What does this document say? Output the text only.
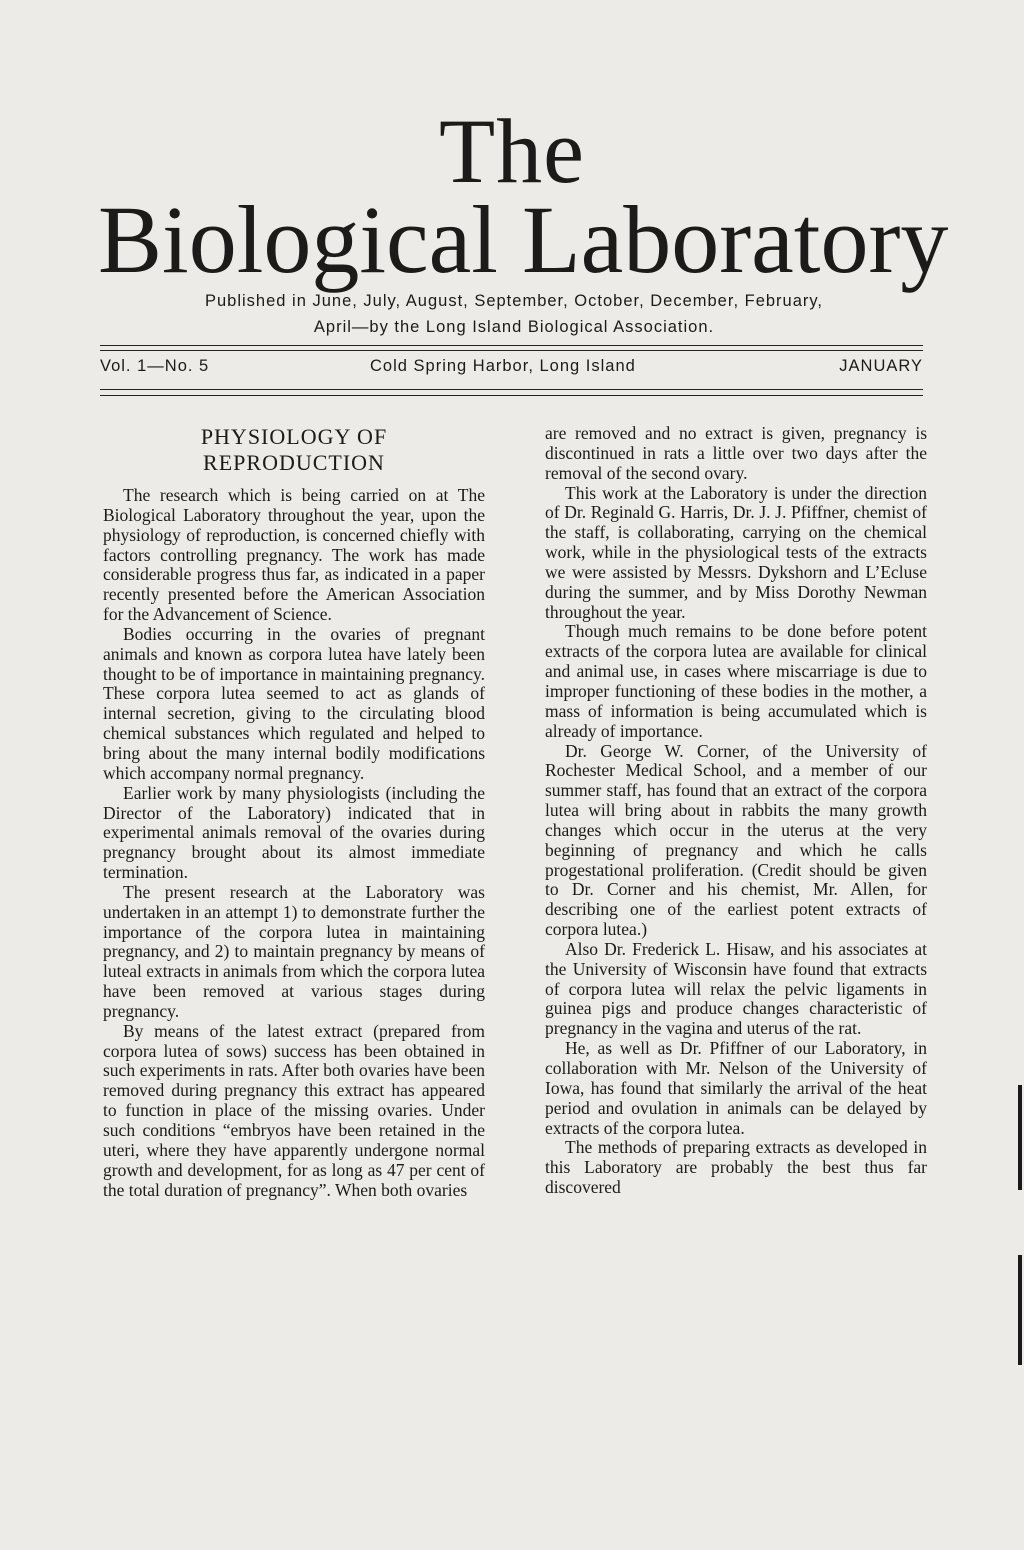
The
Biological Laboratory
Published in June, July, August, September, October, December, February,
April—by the Long Island Biological Association.
Vol. 1—No. 5	Cold Spring Harbor, Long Island	JANUARY
PHYSIOLOGY OF
REPRODUCTION

The research which is being carried on at The Biological Laboratory throughout the year, upon the physiology of reproduction, is concerned chiefly with factors controlling pregnancy. The work has made considerable progress thus far, as indicated in a paper recently presented before the American Association for the Advancement of Science.

Bodies occurring in the ovaries of pregnant animals and known as corpora lutea have lately been thought to be of importance in maintaining pregnancy. These corpora lutea seemed to act as glands of internal secretion, giving to the circulating blood chemical substances which regulated and helped to bring about the many internal bodily modifications which accompany normal pregnancy.

Earlier work by many physiologists (including the Director of the Laboratory) indicated that in experimental animals removal of the ovaries during pregnancy brought about its almost immediate termination.

The present research at the Laboratory was undertaken in an attempt 1) to demonstrate further the importance of the corpora lutea in maintaining pregnancy, and 2) to maintain pregnancy by means of luteal extracts in animals from which the corpora lutea have been removed at various stages during pregnancy.

By means of the latest extract (prepared from corpora lutea of sows) success has been obtained in such experiments in rats. After both ovaries have been removed during pregnancy this extract has appeared to function in place of the missing ovaries. Under such conditions “embryos have been retained in the uteri, where they have apparently undergone normal growth and development, for as long as 47 per cent of the total duration of pregnancy”. When both ovaries

are removed and no extract is given, pregnancy is discontinued in rats a little over two days after the removal of the second ovary.

This work at the Laboratory is under the direction of Dr. Reginald G. Harris, Dr. J. J. Pfiffner, chemist of the staff, is collaborating, carrying on the chemical work, while in the physiological tests of the extracts we were assisted by Messrs. Dykshorn and L’Ecluse during the summer, and by Miss Dorothy Newman throughout the year.

Though much remains to be done before potent extracts of the corpora lutea are available for clinical and animal use, in cases where miscarriage is due to improper functioning of these bodies in the mother, a mass of information is being accumulated which is already of importance.

Dr. George W. Corner, of the University of Rochester Medical School, and a member of our summer staff, has found that an extract of the corpora lutea will bring about in rabbits the many growth changes which occur in the uterus at the very beginning of pregnancy and which he calls progestational proliferation. (Credit should be given to Dr. Corner and his chemist, Mr. Allen, for describing one of the earliest potent extracts of corpora lutea.)

Also Dr. Frederick L. Hisaw, and his associates at the University of Wisconsin have found that extracts of corpora lutea will relax the pelvic ligaments in guinea pigs and produce changes characteristic of pregnancy in the vagina and uterus of the rat.

He, as well as Dr. Pfiffner of our Laboratory, in collaboration with Mr. Nelson of the University of Iowa, has found that similarly the arrival of the heat period and ovulation in animals can be delayed by extracts of the corpora lutea.

The methods of preparing extracts as developed in this Laboratory are probably the best thus far discovered
